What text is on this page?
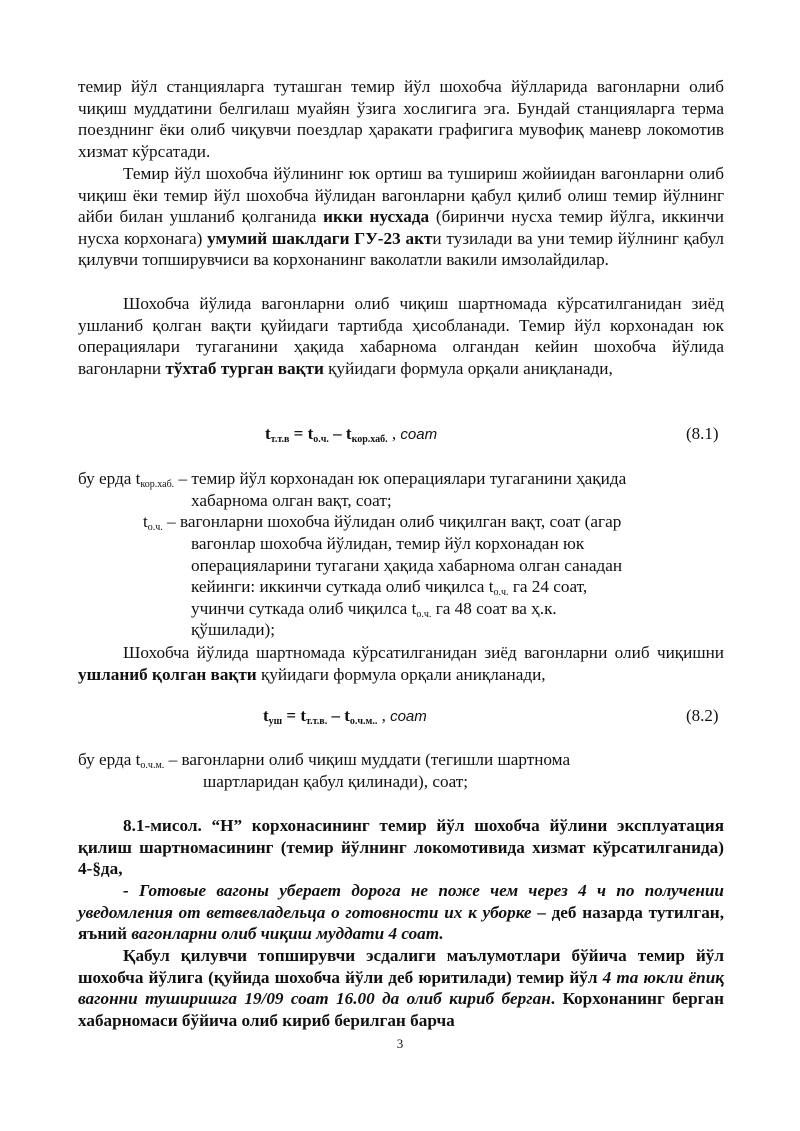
темир йўл станцияларга туташган темир йўл шохобча йўлларида вагонларни олиб чиқиш муддатини белгилаш муайян ўзига хослигига эга. Бундай станцияларга терма поезднинг ёки олиб чиқувчи поездлар ҳаракати графигига мувофиқ маневр локомотив хизмат кўрсатади.

Темир йўл шохобча йўлининг юк ортиш ва тушириш жойиидан вагонларни олиб чиқиш ёки темир йўл шохобча йўлидан вагонларни қабул қилиб олиш темир йўлнинг айби билан ушланиб қолганида икки нусхада (биринчи нусха темир йўлга, иккинчи нусха корхонага) умумий шаклдаги ГУ-23 акти тузилади ва уни темир йўлнинг қабул қилувчи топширувчиси ва корхонанинг ваколатли вакили имзолайдилар.

Шохобча йўлида вагонларни олиб чиқиш шартномада кўрсатилганидан зиёд ушланиб қолган вақти қуйидаги тартибда ҳисобланади. Темир йўл корхонадан юк операциялари тугаганини ҳақида хабарнома олгандан кейин шохобча йўлида вагонларни тўхтаб турган вақти қуйидаги формула орқали аниқланади,

$t_{т.т.в} = t_{о.ч.} - t_{кор.хаб.}$ , соат	(8.1)
бу ерда $t_{кор.хаб.}$ – темир йўл корхонадан юк операциялари тугаганини ҳақида
хабарнома олган вақт, соат;
$t_{о.ч.}$ – вагонларни шохобча йўлидан олиб чиқилган вақт, соат (агар
вагонлар шохобча йўлидан, темир йўл корхонадан юк
операцияларини тугагани ҳақида хабарнома олган санадан
кейинги: иккинчи суткада олиб чиқилса $t_{о.ч.}$ га 24 соат,
учинчи суткада олиб чиқилса $t_{о.ч.}$ га 48 соат ва ҳ.к.
қўшилади);

Шохобча йўлида шартномада кўрсатилганидан зиёд вагонларни олиб чиқишни ушланиб қолган вақти қуйидаги формула орқали аниқланади,

$t_{уш} = t_{т.т.в.} - t_{о.ч.м..}$ , соат	(8.2)
бу ерда $t_{о.ч.м.}$ – вагонларни олиб чиқиш муддати (тегишли шартнома
шартларидан қабул қилинади), соат;

8.1-мисол. “Н” корхонасининг темир йўл шохобча йўлини эксплуатация қилиш шартномасининг (темир йўлнинг локомотивида хизмат кўрсатилганида) 4-§да,

- Готовые вагоны уберает дорога не поже чем через 4 ч по получении уведомления от ветвевладельца о готовности их к уборке – деб назарда тутилган, яъний вагонларни олиб чиқиш муддати 4 соат.

Қабул қилувчи топширувчи эсдалиги маълумотлари бўйича темир йўл шохобча йўлига (қуйида шохобча йўли деб юритилади) темир йўл 4 та юкли ёпиқ вагонни туширишга 19/09 соат 16.00 да олиб кириб берган. Корхонанинг берган хабарномаси бўйича олиб кириб берилган барча

3
